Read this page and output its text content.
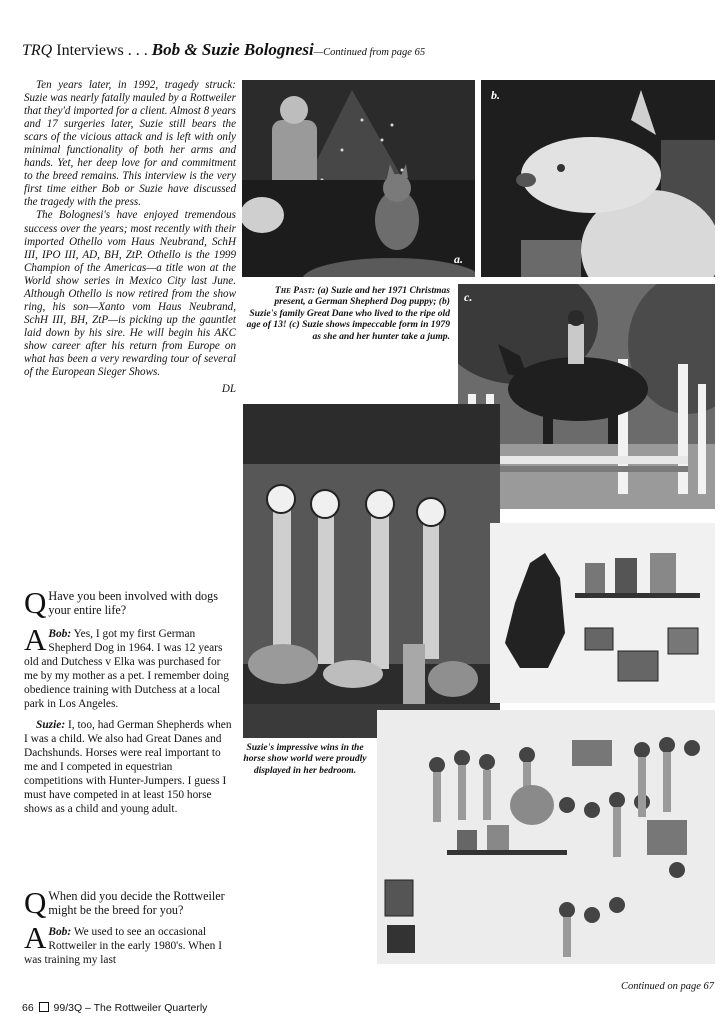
TRQ Interviews . . . Bob & Suzie Bolognesi—Continued from page 65

Ten years later, in 1992, tragedy struck: Suzie was nearly fatally mauled by a Rottweiler that they'd imported for a client. Almost 8 years and 17 surgeries later, Suzie still bears the scars of the vicious attack and is left with only minimal functionality of both her arms and hands. Yet, her deep love for and commitment to the breed remains. This interview is the very first time either Bob or Suzie have discussed the tragedy with the press.

The Bolognesi's have enjoyed tremendous success over the years; most recently with their imported Othello vom Haus Neubrand, SchH III, IPO III, AD, BH, ZtP. Othello is the 1999 Champion of the Americas—a title won at the World show series in Mexico City last June. Although Othello is now retired from the show ring, his son—Xanto vom Haus Neubrand, SchH III, BH, ZtP—is picking up the gauntlet laid down by his sire. He will begin his AKC show career after his return from Europe on what has been a very rewarding tour of several of the European Sieger Shows.

DL

Q Have you been involved with dogs your entire life?

A Bob: Yes, I got my first German Shepherd Dog in 1964. I was 12 years old and Dutchess v Elka was purchased for me by my mother as a pet. I remember doing obedience training with Dutchess at a local park in Los Angeles.

Suzie: I, too, had German Shepherds when I was a child. We also had Great Danes and Dachshunds. Horses were real important to me and I competed in equestrian competitions with Hunter-Jumpers. I guess I must have competed in at least 150 horse shows as a child and young adult.

Q When did you decide the Rottweiler might be the breed for you?

A Bob: We used to see an occasional Rottweiler in the early 1980's. When I was training my last

a.
b.
The Past: (a) Suzie and her 1971 Christmas present, a German Shepherd Dog puppy; (b) Suzie's family Great Dane who lived to the ripe old age of 13! (c) Suzie shows impeccable form in 1979 as she and her hunter take a jump.
c.
Suzie's impressive wins in the horse show world were proudly displayed in her bedroom.
Continued on page 67
66 99/3Q – The Rottweiler Quarterly
